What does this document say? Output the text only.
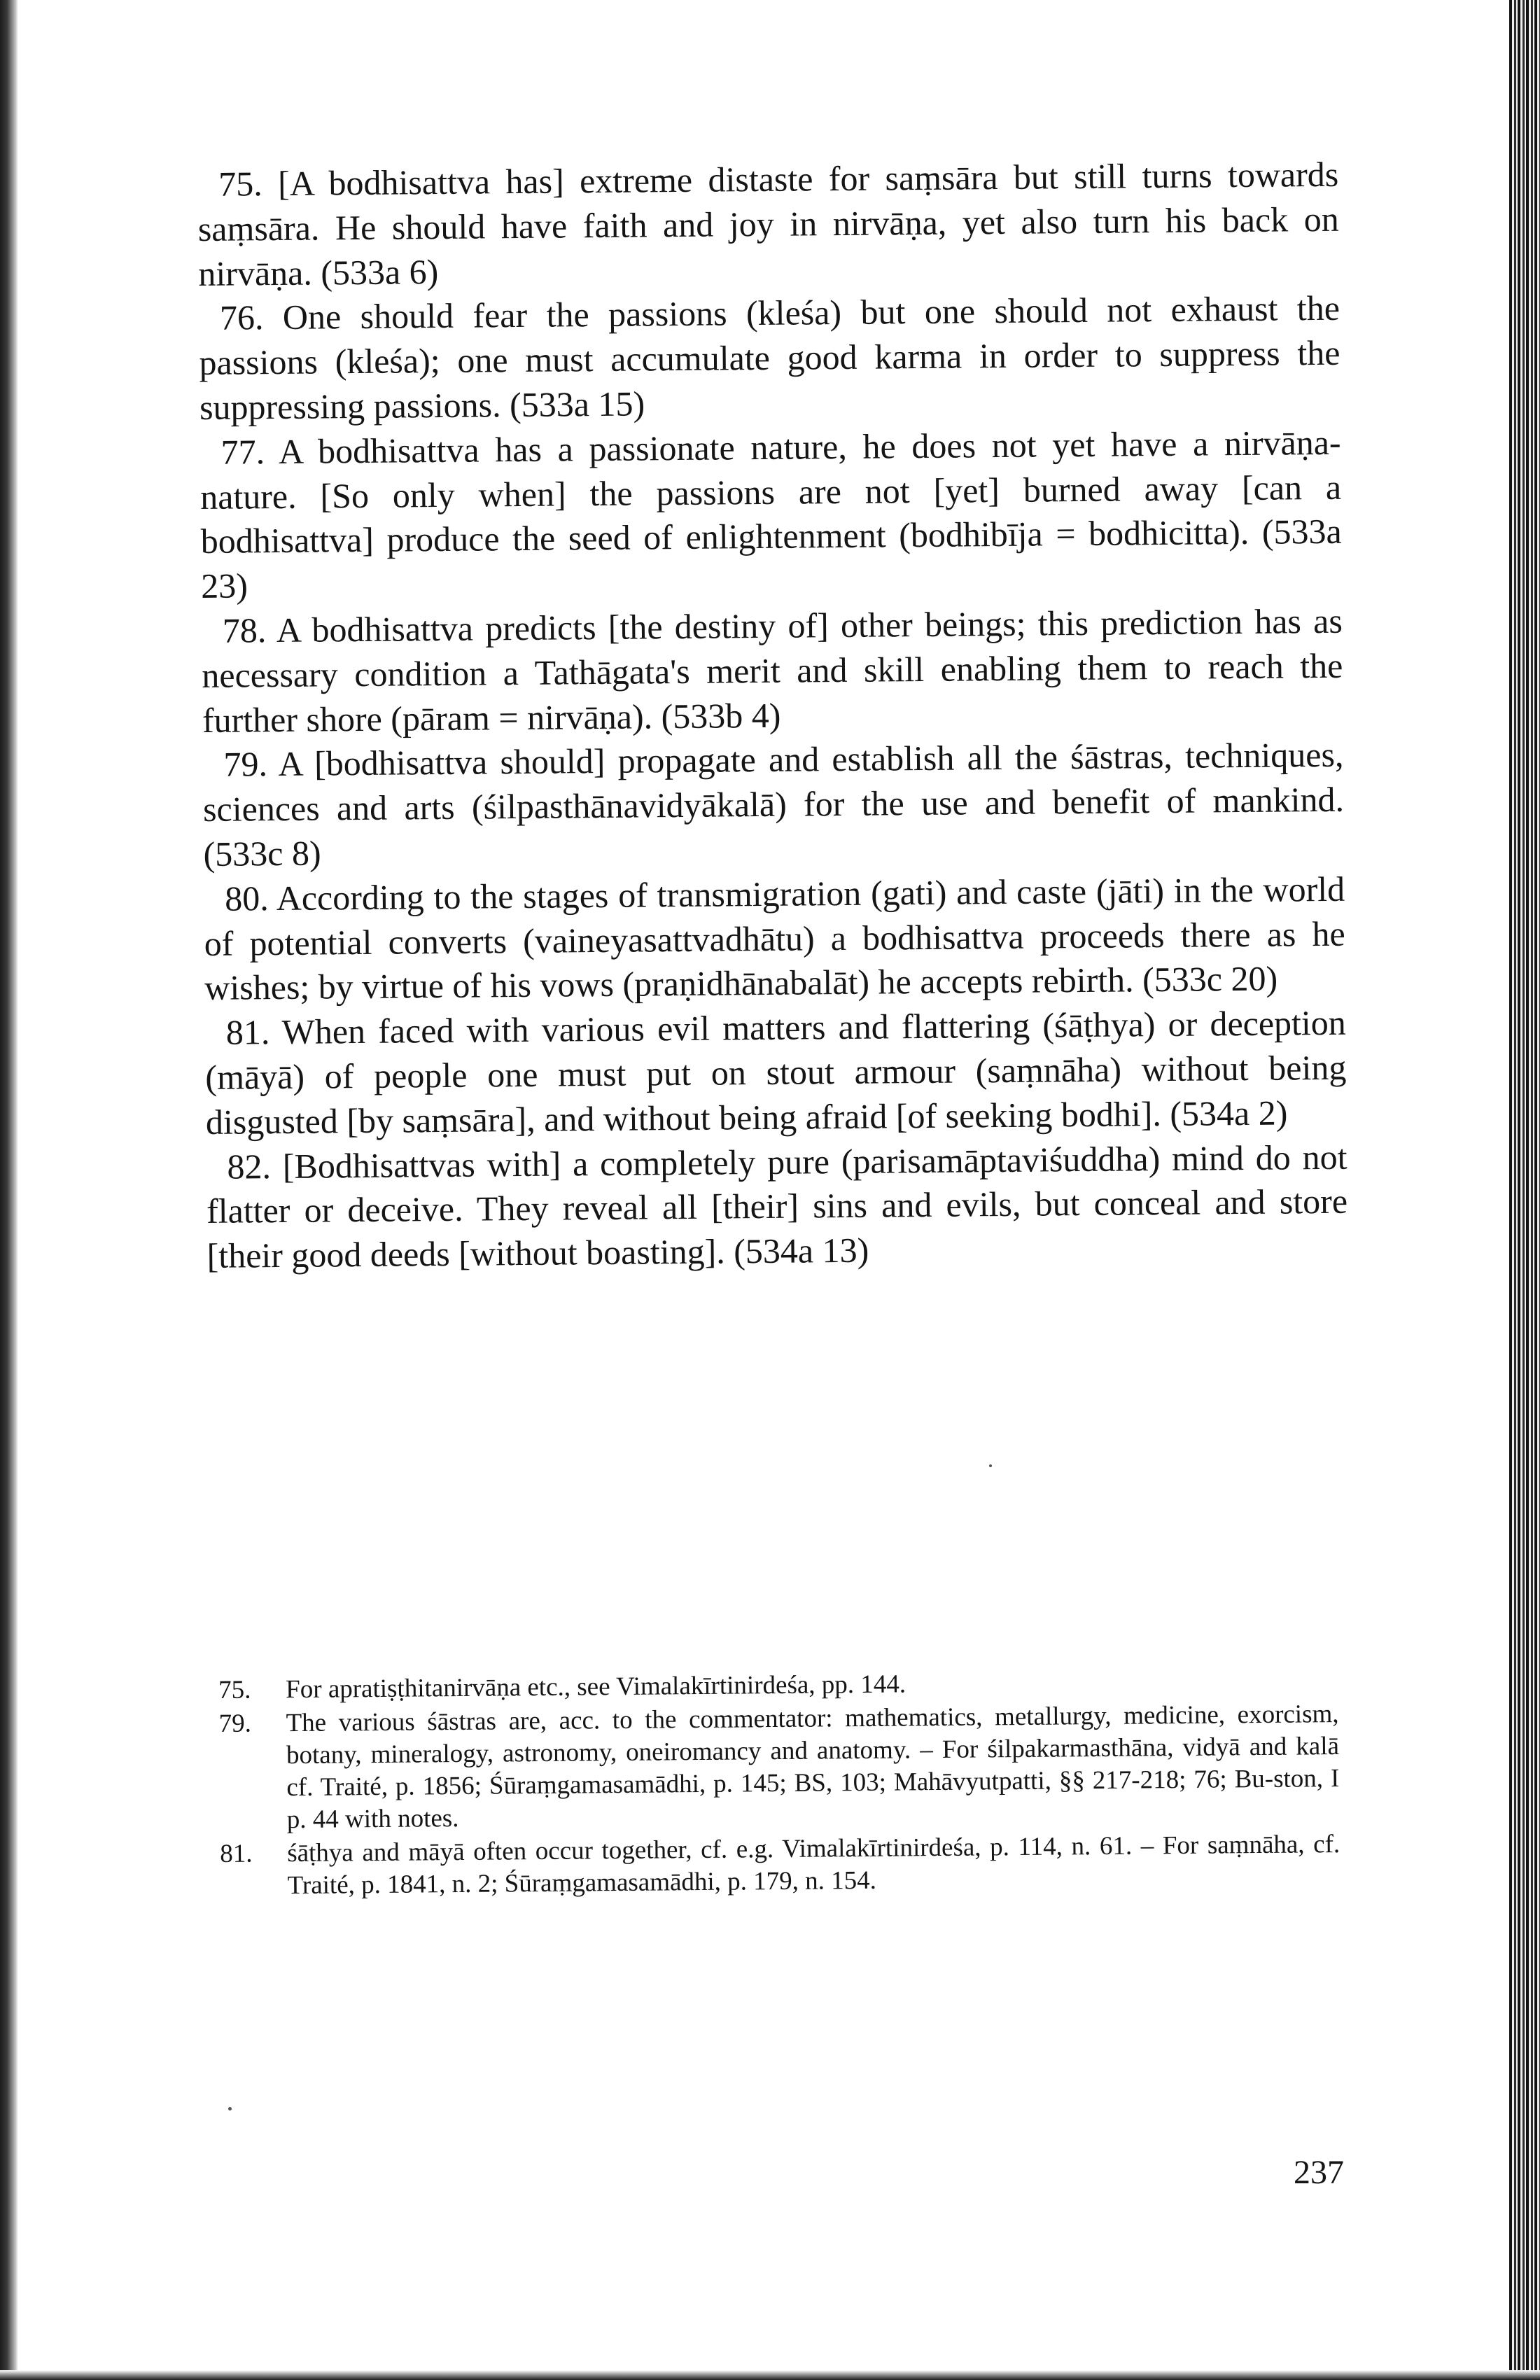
75. [A bodhisattva has] extreme distaste for saṃsāra but still turns towards saṃsāra. He should have faith and joy in nirvāṇa, yet also turn his back on nirvāṇa. (533a 6)

76. One should fear the passions (kleśa) but one should not exhaust the passions (kleśa); one must accumulate good karma in order to suppress the suppressing passions. (533a 15)

77. A bodhisattva has a passionate nature, he does not yet have a nirvāṇa-nature. [So only when] the passions are not [yet] burned away [can a bodhisattva] produce the seed of enlightenment (bodhibīja = bodhicitta). (533a 23)

78. A bodhisattva predicts [the destiny of] other beings; this prediction has as necessary condition a Tathāgata's merit and skill enabling them to reach the further shore (pāram = nirvāṇa). (533b 4)

79. A [bodhisattva should] propagate and establish all the śāstras, techniques, sciences and arts (śilpasthānavidyākalā) for the use and benefit of mankind. (533c 8)

80. According to the stages of transmigration (gati) and caste (jāti) in the world of potential converts (vaineyasattvadhātu) a bodhisattva proceeds there as he wishes; by virtue of his vows (praṇidhānabalāt) he accepts rebirth. (533c 20)

81. When faced with various evil matters and flattering (śāṭhya) or deception (māyā) of people one must put on stout armour (saṃnāha) without being disgusted [by saṃsāra], and without being afraid [of seeking bodhi]. (534a 2)

82. [Bodhisattvas with] a completely pure (parisamāptaviśuddha) mind do not flatter or deceive. They reveal all [their] sins and evils, but conceal and store [their good deeds [without boasting]. (534a 13)

75. For apratiṣṭhitanirvāṇa etc., see Vimalakīrtinirdeśa, pp. 144.

79. The various śāstras are, acc. to the commentator: mathematics, metallurgy, medicine, exorcism, botany, mineralogy, astronomy, oneiromancy and anatomy. – For śilpakarmasthāna, vidyā and kalā cf. Traité, p. 1856; Śūraṃgamasamādhi, p. 145; BS, 103; Mahāvyutpatti, §§ 217-218; 76; Bu-ston, I p. 44 with notes.

81. śāṭhya and māyā often occur together, cf. e.g. Vimalakīrtinirdeśa, p. 114, n. 61. – For saṃnāha, cf. Traité, p. 1841, n. 2; Śūraṃgamasamādhi, p. 179, n. 154.

237
